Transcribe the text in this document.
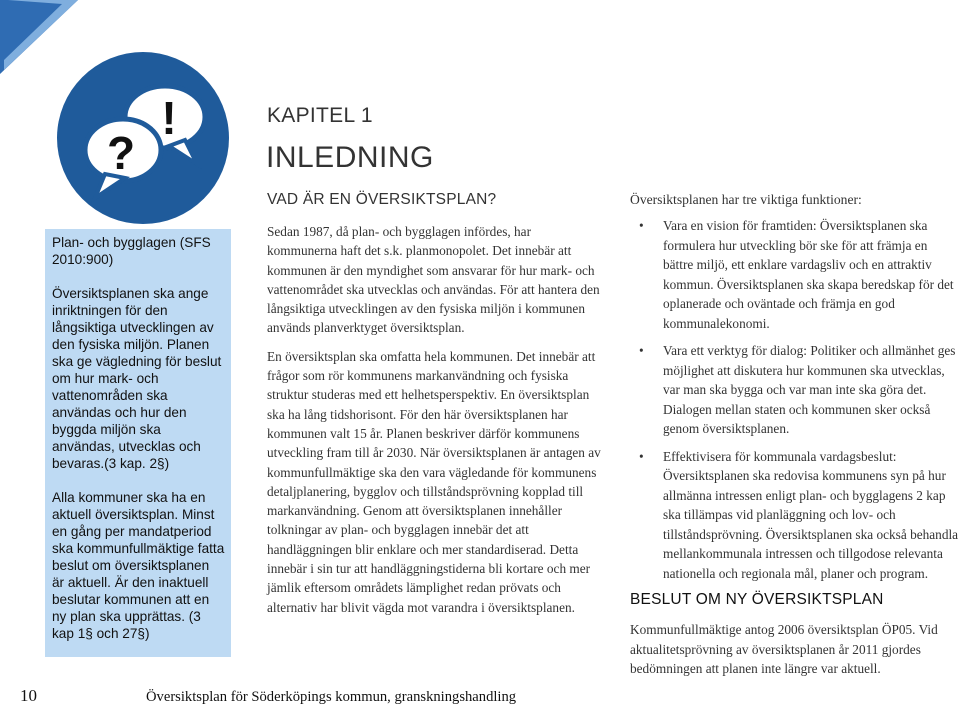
!
?

Plan- och bygglagen (SFS 2010:900)

Översiktsplanen ska ange inriktningen för den långsiktiga utvecklingen av den fysiska miljön. Planen ska ge vägledning för beslut om hur mark- och vattenområden ska användas och hur den byggda miljön ska användas, utvecklas och bevaras.(3 kap. 2§)

Alla kommuner ska ha en aktuell översiktsplan. Minst en gång per mandatperiod ska kommunfullmäktige fatta beslut om översiktsplanen är aktuell. Är den inaktuell beslutar kommunen att en ny plan ska upprättas. (3 kap 1§ och 27§)

KAPITEL 1
INLEDNING
VAD ÄR EN ÖVERSIKTSPLAN?

Sedan 1987, då plan- och bygglagen infördes, har kommunerna haft det s.k. planmonopolet. Det innebär att kommunen är den myndighet som ansvarar för hur mark- och vattenområdet ska utvecklas och användas. För att hantera den långsiktiga utvecklingen av den fysiska miljön i kommunen används planverktyget översiktsplan.

En översiktsplan ska omfatta hela kommunen. Det innebär att frågor som rör kommunens markanvändning och fysiska struktur studeras med ett helhetsperspektiv. En översiktsplan ska ha lång tidshorisont. För den här översiktsplanen har kommunen valt 15 år. Planen beskriver därför kommunens utveckling fram till år 2030. När översiktsplanen är antagen av kommunfullmäktige ska den vara vägledande för kommunens detaljplanering, bygglov och tillståndsprövning kopplad till markanvändning. Genom att översiktsplanen innehåller tolkningar av plan- och bygglagen innebär det att handläggningen blir enklare och mer standardiserad. Detta innebär i sin tur att handläggningstiderna bli kortare och mer jämlik eftersom områdets lämplighet redan prövats och alternativ har blivit vägda mot varandra i översiktsplanen.

Översiktsplanen har tre viktiga funktioner:
• Vara en vision för framtiden: Översiktsplanen ska formulera hur utveckling bör ske för att främja en bättre miljö, ett enklare vardagsliv och en attraktiv kommun. Översiktsplanen ska skapa beredskap för det oplanerade och oväntade och främja en god kommunalekonomi.
• Vara ett verktyg för dialog: Politiker och allmänhet ges möjlighet att diskutera hur kommunen ska utvecklas, var man ska bygga och var man inte ska göra det. Dialogen mellan staten och kommunen sker också genom översiktsplanen.
• Effektivisera för kommunala vardagsbeslut: Översiktsplanen ska redovisa kommunens syn på hur allmänna intressen enligt plan- och bygglagens 2 kap ska tillämpas vid planläggning och lov- och tillståndsprövning. Översiktsplanen ska också behandla mellankommunala intressen och tillgodose relevanta nationella och regionala mål, planer och program.
BESLUT OM NY ÖVERSIKTSPLAN
Kommunfullmäktige antog 2006 översiktsplan ÖP05. Vid aktualitetsprövning av översiktsplanen år 2011 gjordes bedömningen att planen inte längre var aktuell.
10	Översiktsplan för Söderköpings kommun, granskningshandling
